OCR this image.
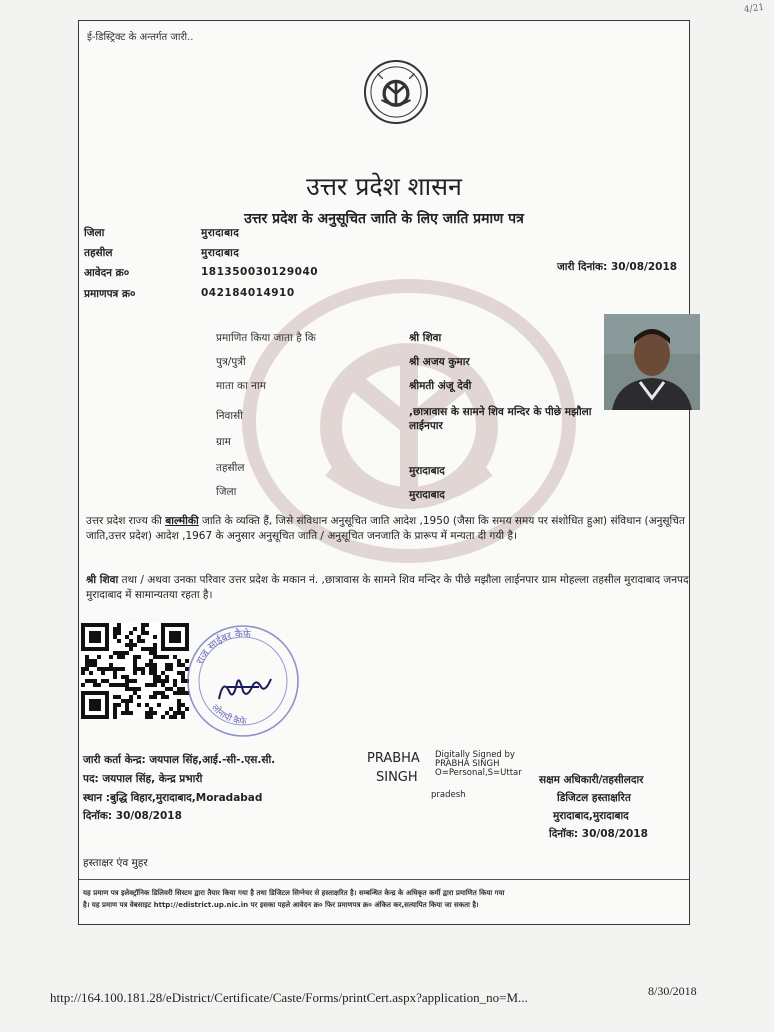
4/21
ई-डिस्ट्रिक्ट के अन्तर्गत जारी..
उत्तर प्रदेश शासन
उत्तर प्रदेश के अनुसूचित जाति के लिए जाति प्रमाण पत्र
जिला	मुरादाबाद
तहसील	मुरादाबाद
आवेदन क्र०	181350030129040
प्रमाणपत्र क्र०	042184014910
जारी दिनांक: 30/08/2018
प्रमाणित किया जाता है कि	श्री शिवा
पुत्र/पुत्री	श्री अजय कुमार
माता का नाम	श्रीमती अंजू देवी
निवासी	,छात्रावास के सामने शिव मन्दिर के पीछे मझौला लाईनपार
ग्राम
तहसील	मुरादाबाद
जिला	मुरादाबाद
उत्तर प्रदेश राज्य की बाल्मीकी जाति के व्यक्ति हैं, जिसे संविधान अनुसूचित जाति आदेश ,1950 (जैसा कि समय समय पर संशोधित हुआ) संविधान (अनुसूचित जाति,उत्तर प्रदेश) आदेश ,1967 के अनुसार अनुसूचित जाति / अनुसूचित जनजाति के प्रारूप में मन्यता दी गयी है।
श्री शिवा तथा / अथवा उनका परिवार उत्तर प्रदेश के मकान नं. ,छात्रावास के सामने शिव मन्दिर के पीछे मझौला लाईनपार ग्राम मोहल्ला तहसील मुरादाबाद जनपद मुरादाबाद में सामान्यतया रहता है।
राज साईबर कैफे
लोनापी कैफे
जारी कर्ता केन्द्र: जयपाल सिंह,आई.-सी-.एस.सी.
पद: जयपाल सिंह, केन्द्र प्रभारी
स्थान :बुद्धि विहार,मुरादाबाद,Moradabad
दिनॉक: 30/08/2018
PRABHA
SINGH
Digitally Signed by
PRABHA SINGH
O=Personal,S=Uttar
pradesh
सक्षम अधिकारी/तहसीलदार
डिजिटल हस्ताक्षरित
मुरादाबाद,मुरादाबाद
दिनॉक: 30/08/2018
हस्ताक्षर एंव मुहर
यह प्रमाण पत्र इलेक्ट्रॉनिक डिलिवरी सिस्टम द्वारा तैयार किया गया है तथा डिजिटल सिग्नेचर से हस्ताक्षरित है। सम्बन्धित केन्द्र के अधिकृत कर्मी द्वारा प्रमाणित किया गया
है। यह प्रमाण पत्र वेबसाइट http://edistrict.up.nic.in पर इसका पहले आवेदन क्र० फिर प्रमाणपत्र क्र० अंकित कर,सत्यापित किया जा सकता है।
http://164.100.181.28/eDistrict/Certificate/Caste/Forms/printCert.aspx?application_no=M...	8/30/2018
